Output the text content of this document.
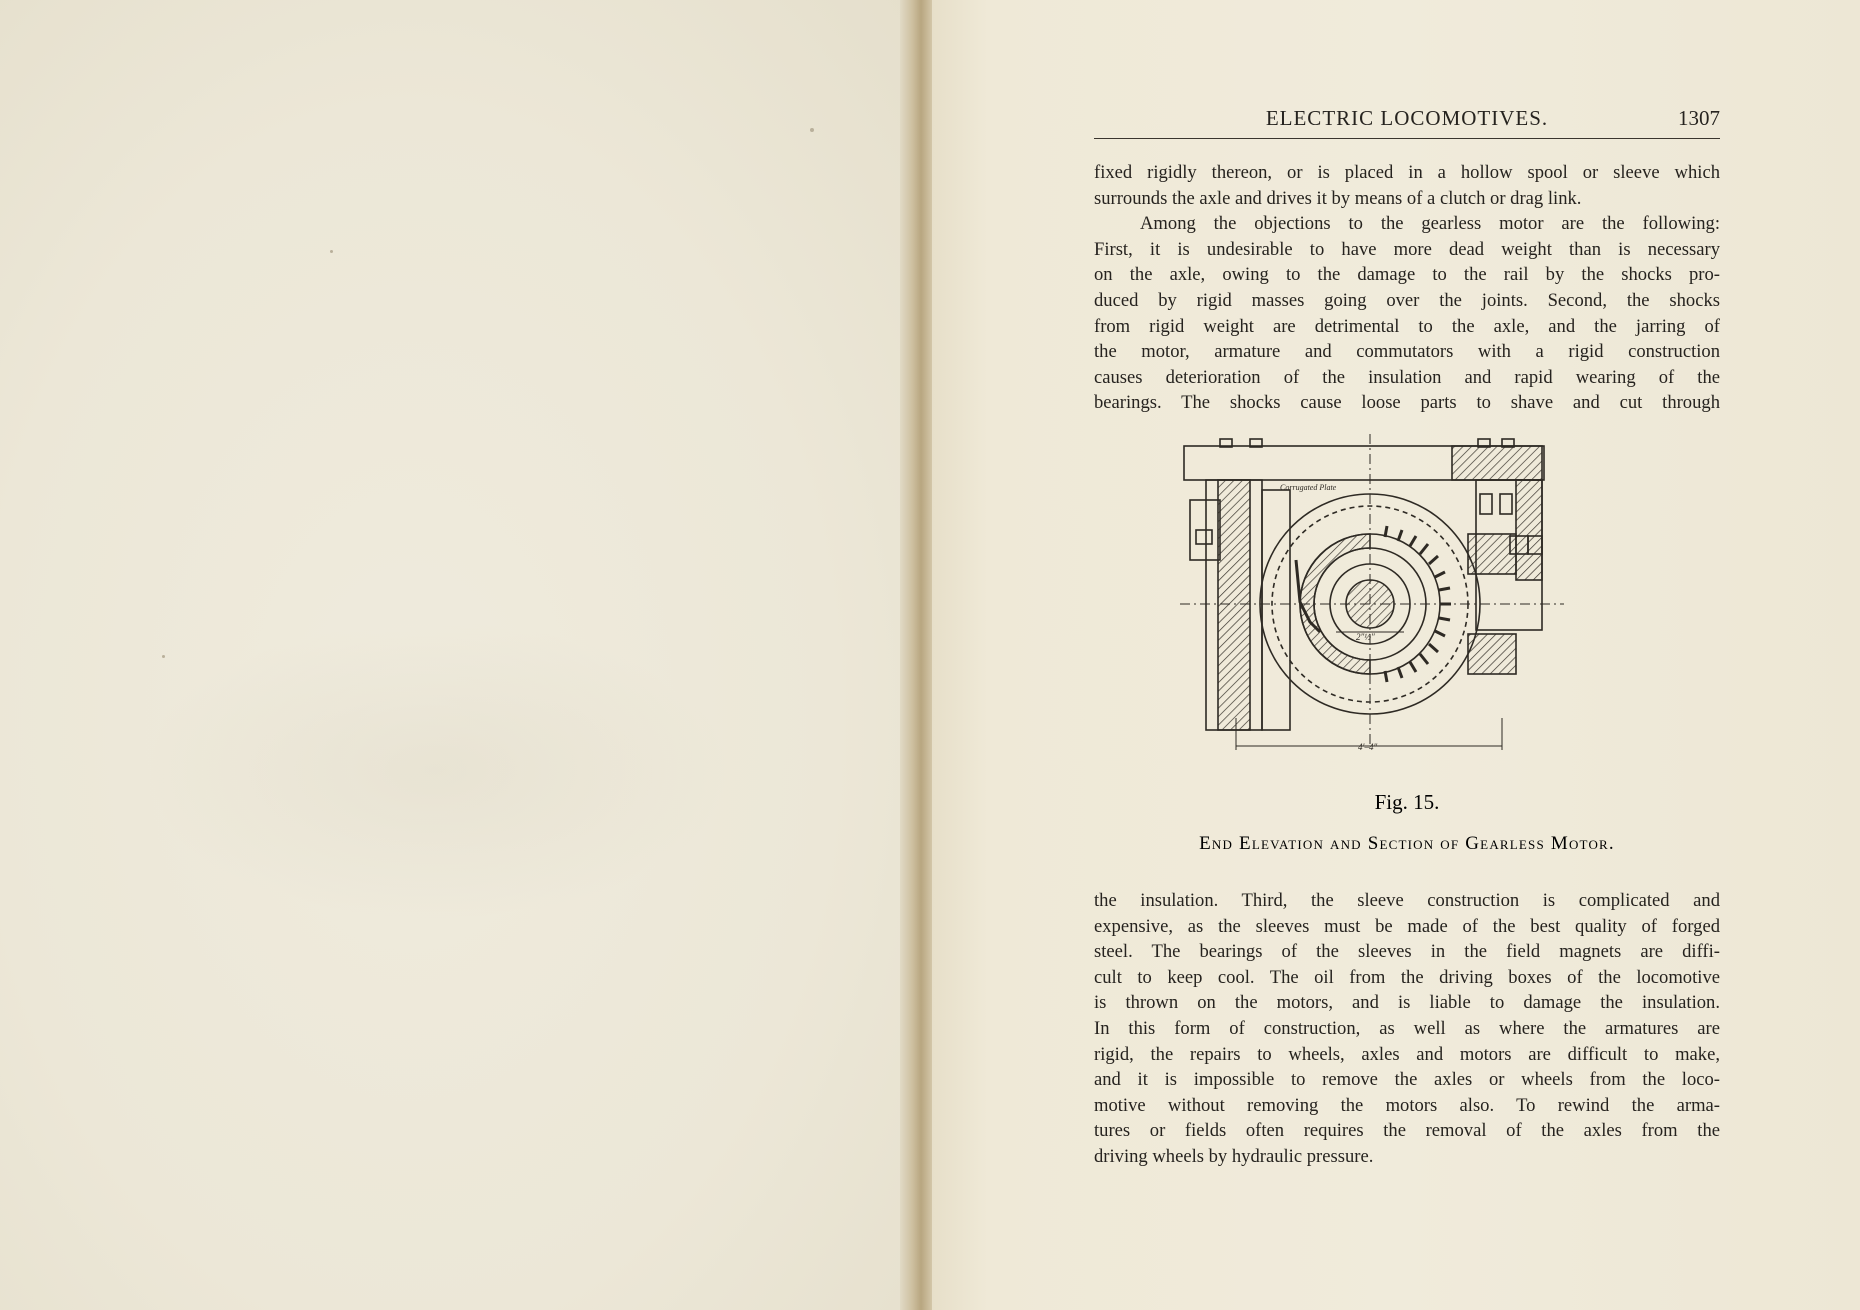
ELECTRIC LOCOMOTIVES.	1307
fixed rigidly thereon, or is placed in a hollow spool or sleeve which
surrounds the axle and drives it by means of a clutch or drag link.
Among the objections to the gearless motor are the following:
First, it is undesirable to have more dead weight than is necessary
on the axle, owing to the damage to the rail by the shocks pro-
duced by rigid masses going over the joints. Second, the shocks
from rigid weight are detrimental to the axle, and the jarring of
the motor, armature and commutators with a rigid construction
causes deterioration of the insulation and rapid wearing of the
bearings. The shocks cause loose parts to shave and cut through
the insulation. Third, the sleeve construction is complicated and
expensive, as the sleeves must be made of the best quality of forged
steel. The bearings of the sleeves in the field magnets are diffi-
cult to keep cool. The oil from the driving boxes of the locomotive
is thrown on the motors, and is liable to damage the insulation.
In this form of construction, as well as where the armatures are
rigid, the repairs to wheels, axles and motors are difficult to make,
and it is impossible to remove the axles or wheels from the loco-
motive without removing the motors also. To rewind the arma-
tures or fields often requires the removal of the axles from the
driving wheels by hydraulic pressure.
Corrugated Plate
2″½″
4′–4″
Fig. 15.
End Elevation and Section of Gearless Motor.
